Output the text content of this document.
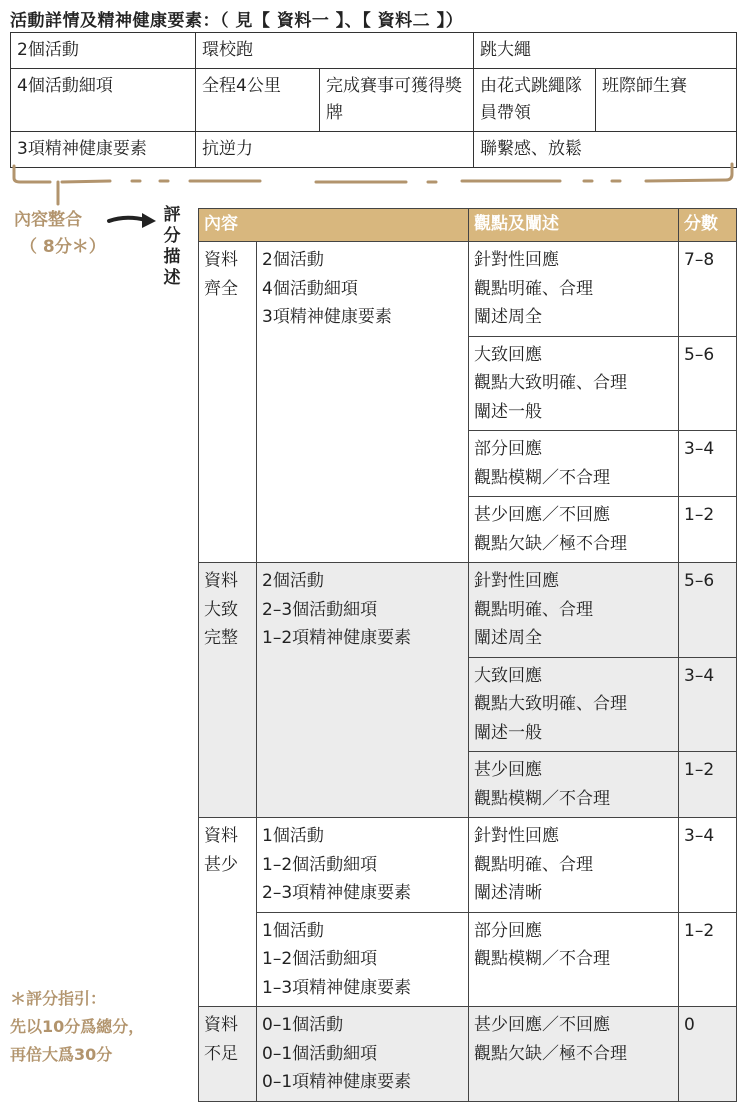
活動詳情及精神健康要素：（ 見【 資料一 】、【 資料二 】）
2個活動	環校跑		跳大繩	
4個活動細項	全程4公里	完成賽事可獲得獎牌	由花式跳繩隊員帶領	班際師生賽
3項精神健康要素	抗逆力		聯繫感、放鬆	
內容整合
（ 8分＊）
評分描述
＊評分指引：
先以10分爲總分，
再倍大爲30分
內容		觀點及闡述	分數

資料
齊全	2個活動
4個活動細項
3項精神健康要素	針對性回應
觀點明確、合理
闡述周全	7–8

		大致回應
觀點大致明確、合理
闡述一般	5–6

		部分回應
觀點模糊／不合理	3–4

		甚少回應／不回應
觀點欠缺／極不合理	1–2

資料
大致
完整	2個活動
2–3個活動細項
1–2項精神健康要素	針對性回應
觀點明確、合理
闡述周全	5–6

		大致回應
觀點大致明確、合理
闡述一般	3–4

		甚少回應
觀點模糊／不合理	1–2

資料
甚少	1個活動
1–2個活動細項
2–3項精神健康要素	針對性回應
觀點明確、合理
闡述清晰	3–4

	1個活動
1–2個活動細項
1–3項精神健康要素	部分回應
觀點模糊／不合理	1–2

資料
不足	0–1個活動
0–1個活動細項
0–1項精神健康要素	甚少回應／不回應
觀點欠缺／極不合理	0
